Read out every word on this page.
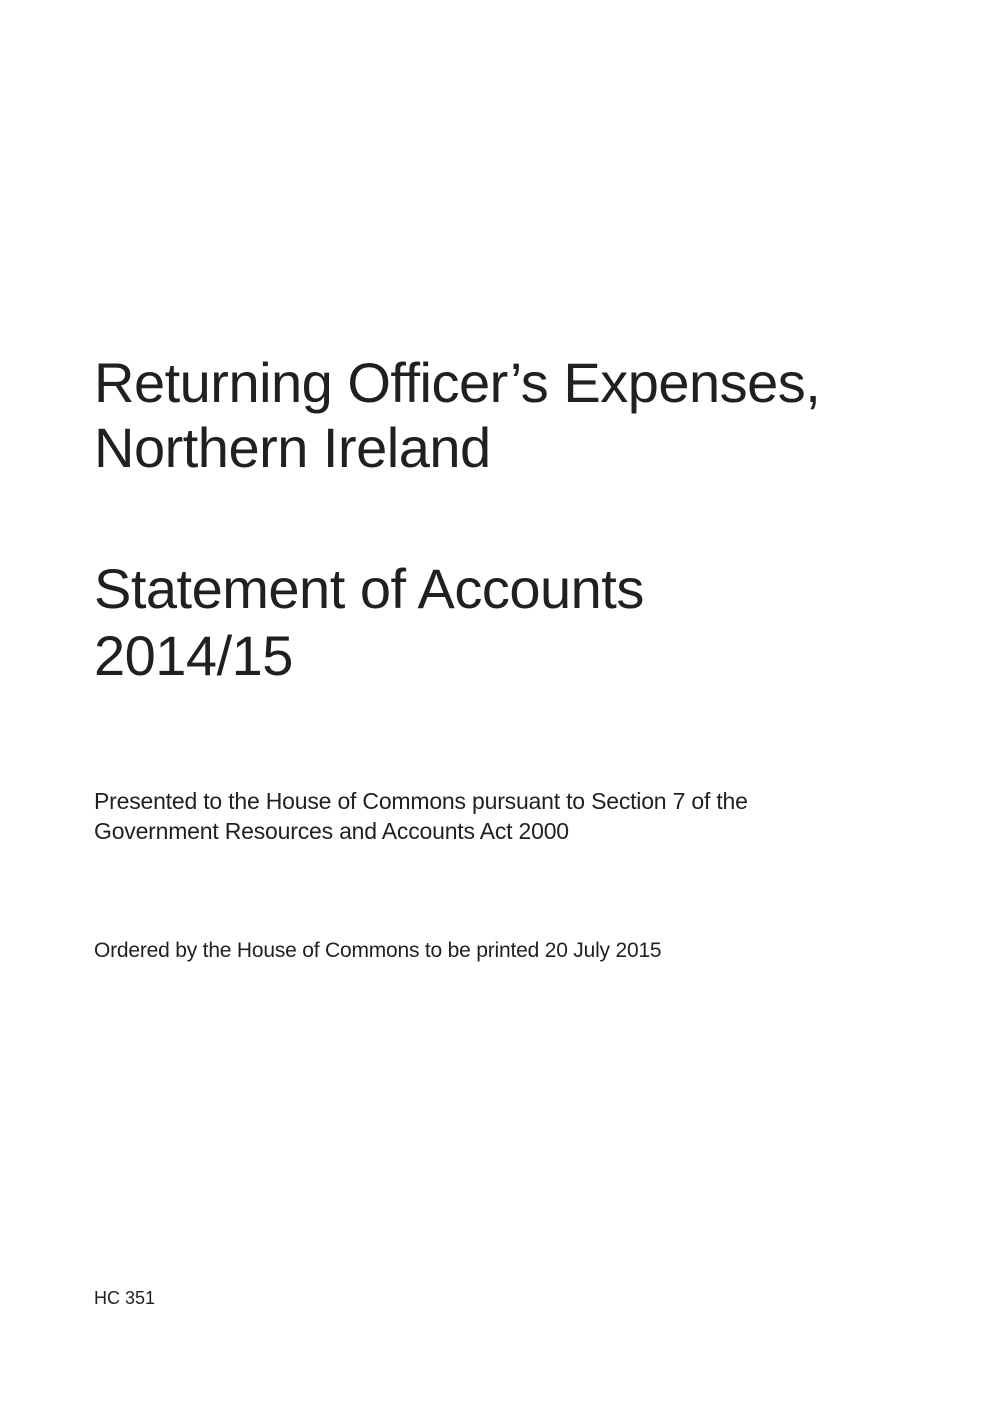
Returning Officer’s Expenses,
Northern Ireland
Statement of Accounts
2014/15
Presented to the House of Commons pursuant to Section 7 of the
Government Resources and Accounts Act 2000
Ordered by the House of Commons to be printed 20 July 2015
HC 351
